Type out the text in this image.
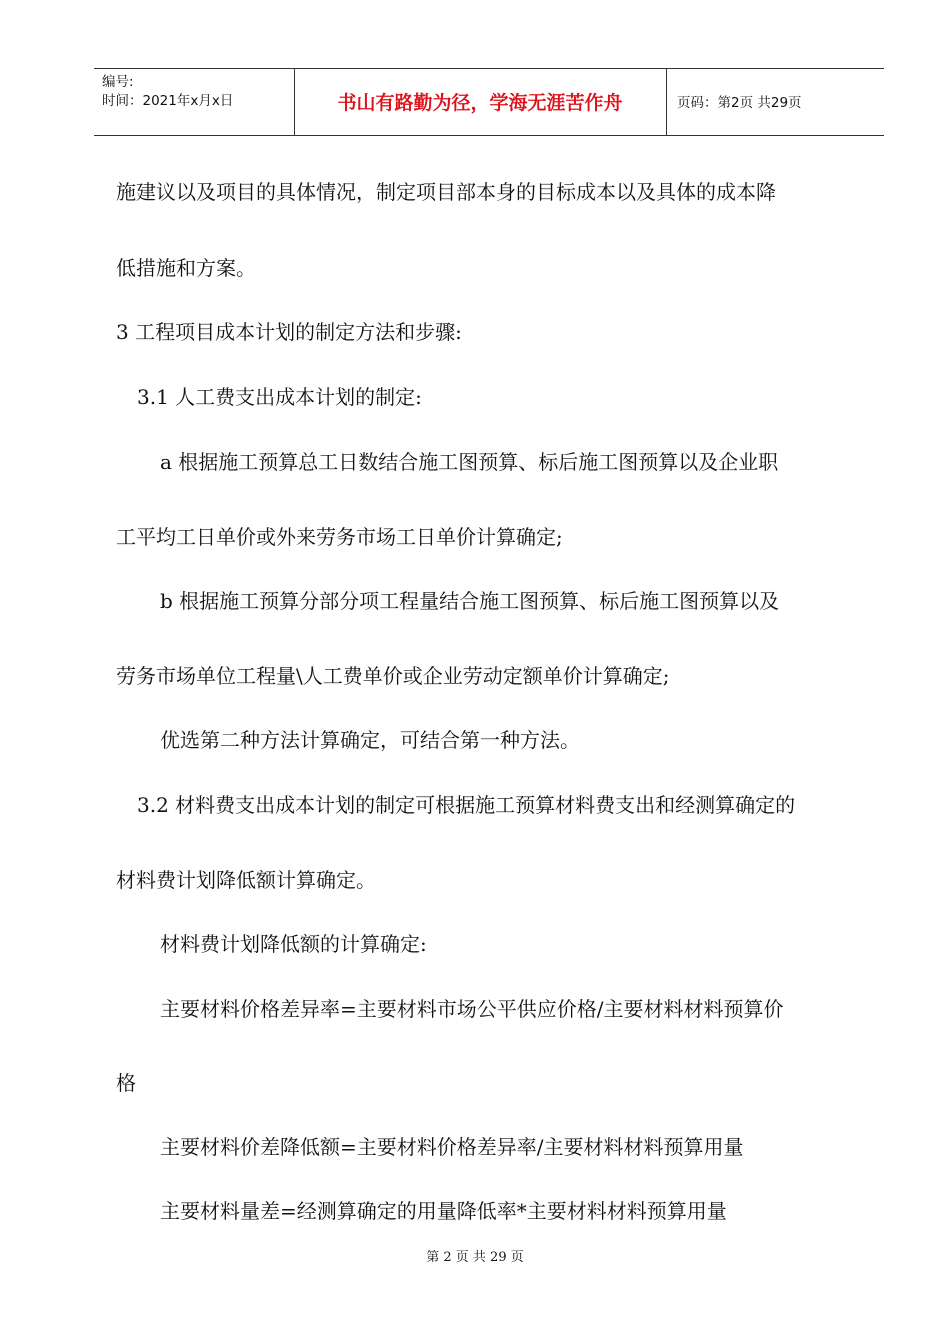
编号:
时间：2021年x月x日	书山有路勤为径，学海无涯苦作舟	页码：第2页 共29页
施建议以及项目的具体情况，制定项目部本身的目标成本以及具体的成本降
低措施和方案。
3 工程项目成本计划的制定方法和步骤:
3.1 人工费支出成本计划的制定:
a 根据施工预算总工日数结合施工图预算、标后施工图预算以及企业职
工平均工日单价或外来劳务市场工日单价计算确定;
b 根据施工预算分部分项工程量结合施工图预算、标后施工图预算以及
劳务市场单位工程量\人工费单价或企业劳动定额单价计算确定;
优选第二种方法计算确定，可结合第一种方法。
3.2 材料费支出成本计划的制定可根据施工预算材料费支出和经测算确定的
材料费计划降低额计算确定。
材料费计划降低额的计算确定:
主要材料价格差异率=主要材料市场公平供应价格/主要材料材料预算价
格
主要材料价差降低额=主要材料价格差异率/主要材料材料预算用量
主要材料量差=经测算确定的用量降低率*主要材料材料预算用量
第 2 页 共 29 页
